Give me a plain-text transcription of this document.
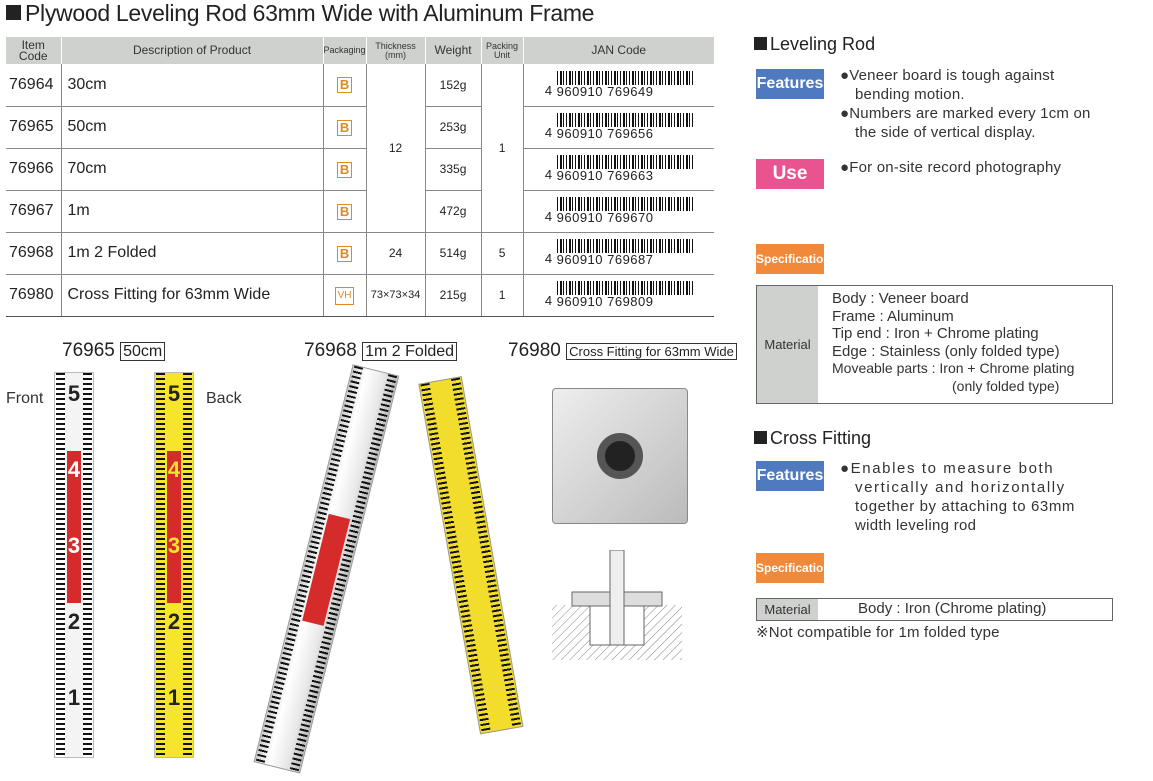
Plywood Leveling Rod 63mm Wide with Aluminum Frame
Item Code	Description of Product	Packaging	Thickness (mm)	Weight	Packing Unit	JAN Code
76964	30cm	B	12	152g	1	4 960910 769649

76965	50cm	B		253g		4 960910 769656

76966	70cm	B		335g		4 960910 769663

76967	1m	B		472g		4 960910 769670

76968	1m 2 Folded	B	24	514g	5	4 960910 769687

76980	Cross Fitting for 63mm Wide	VH	73×73×34	215g	1	4 960910 769809
76965 50cm	76968 1m 2 Folded	76980 Cross Fitting for 63mm Wide
Front	Back
5
4
3
2
1
5
4
3
2
1
Leveling Rod
Features ●Veneer board is tough against
bending motion.
●Numbers are marked every 1cm on
the side of vertical display.
Use	●For on-site record photography
Specifications
Material
Body : Veneer board
Frame : Aluminum
Tip end : Iron + Chrome plating
Edge : Stainless (only folded type)
Moveable parts : Iron + Chrome plating
(only folded type)
Cross Fitting
Features ●Enables to measure both
vertically and horizontally
together by attaching to 63mm
width leveling rod
Specifications
Material	Body : Iron (Chrome plating)
※Not compatible for 1m folded type
